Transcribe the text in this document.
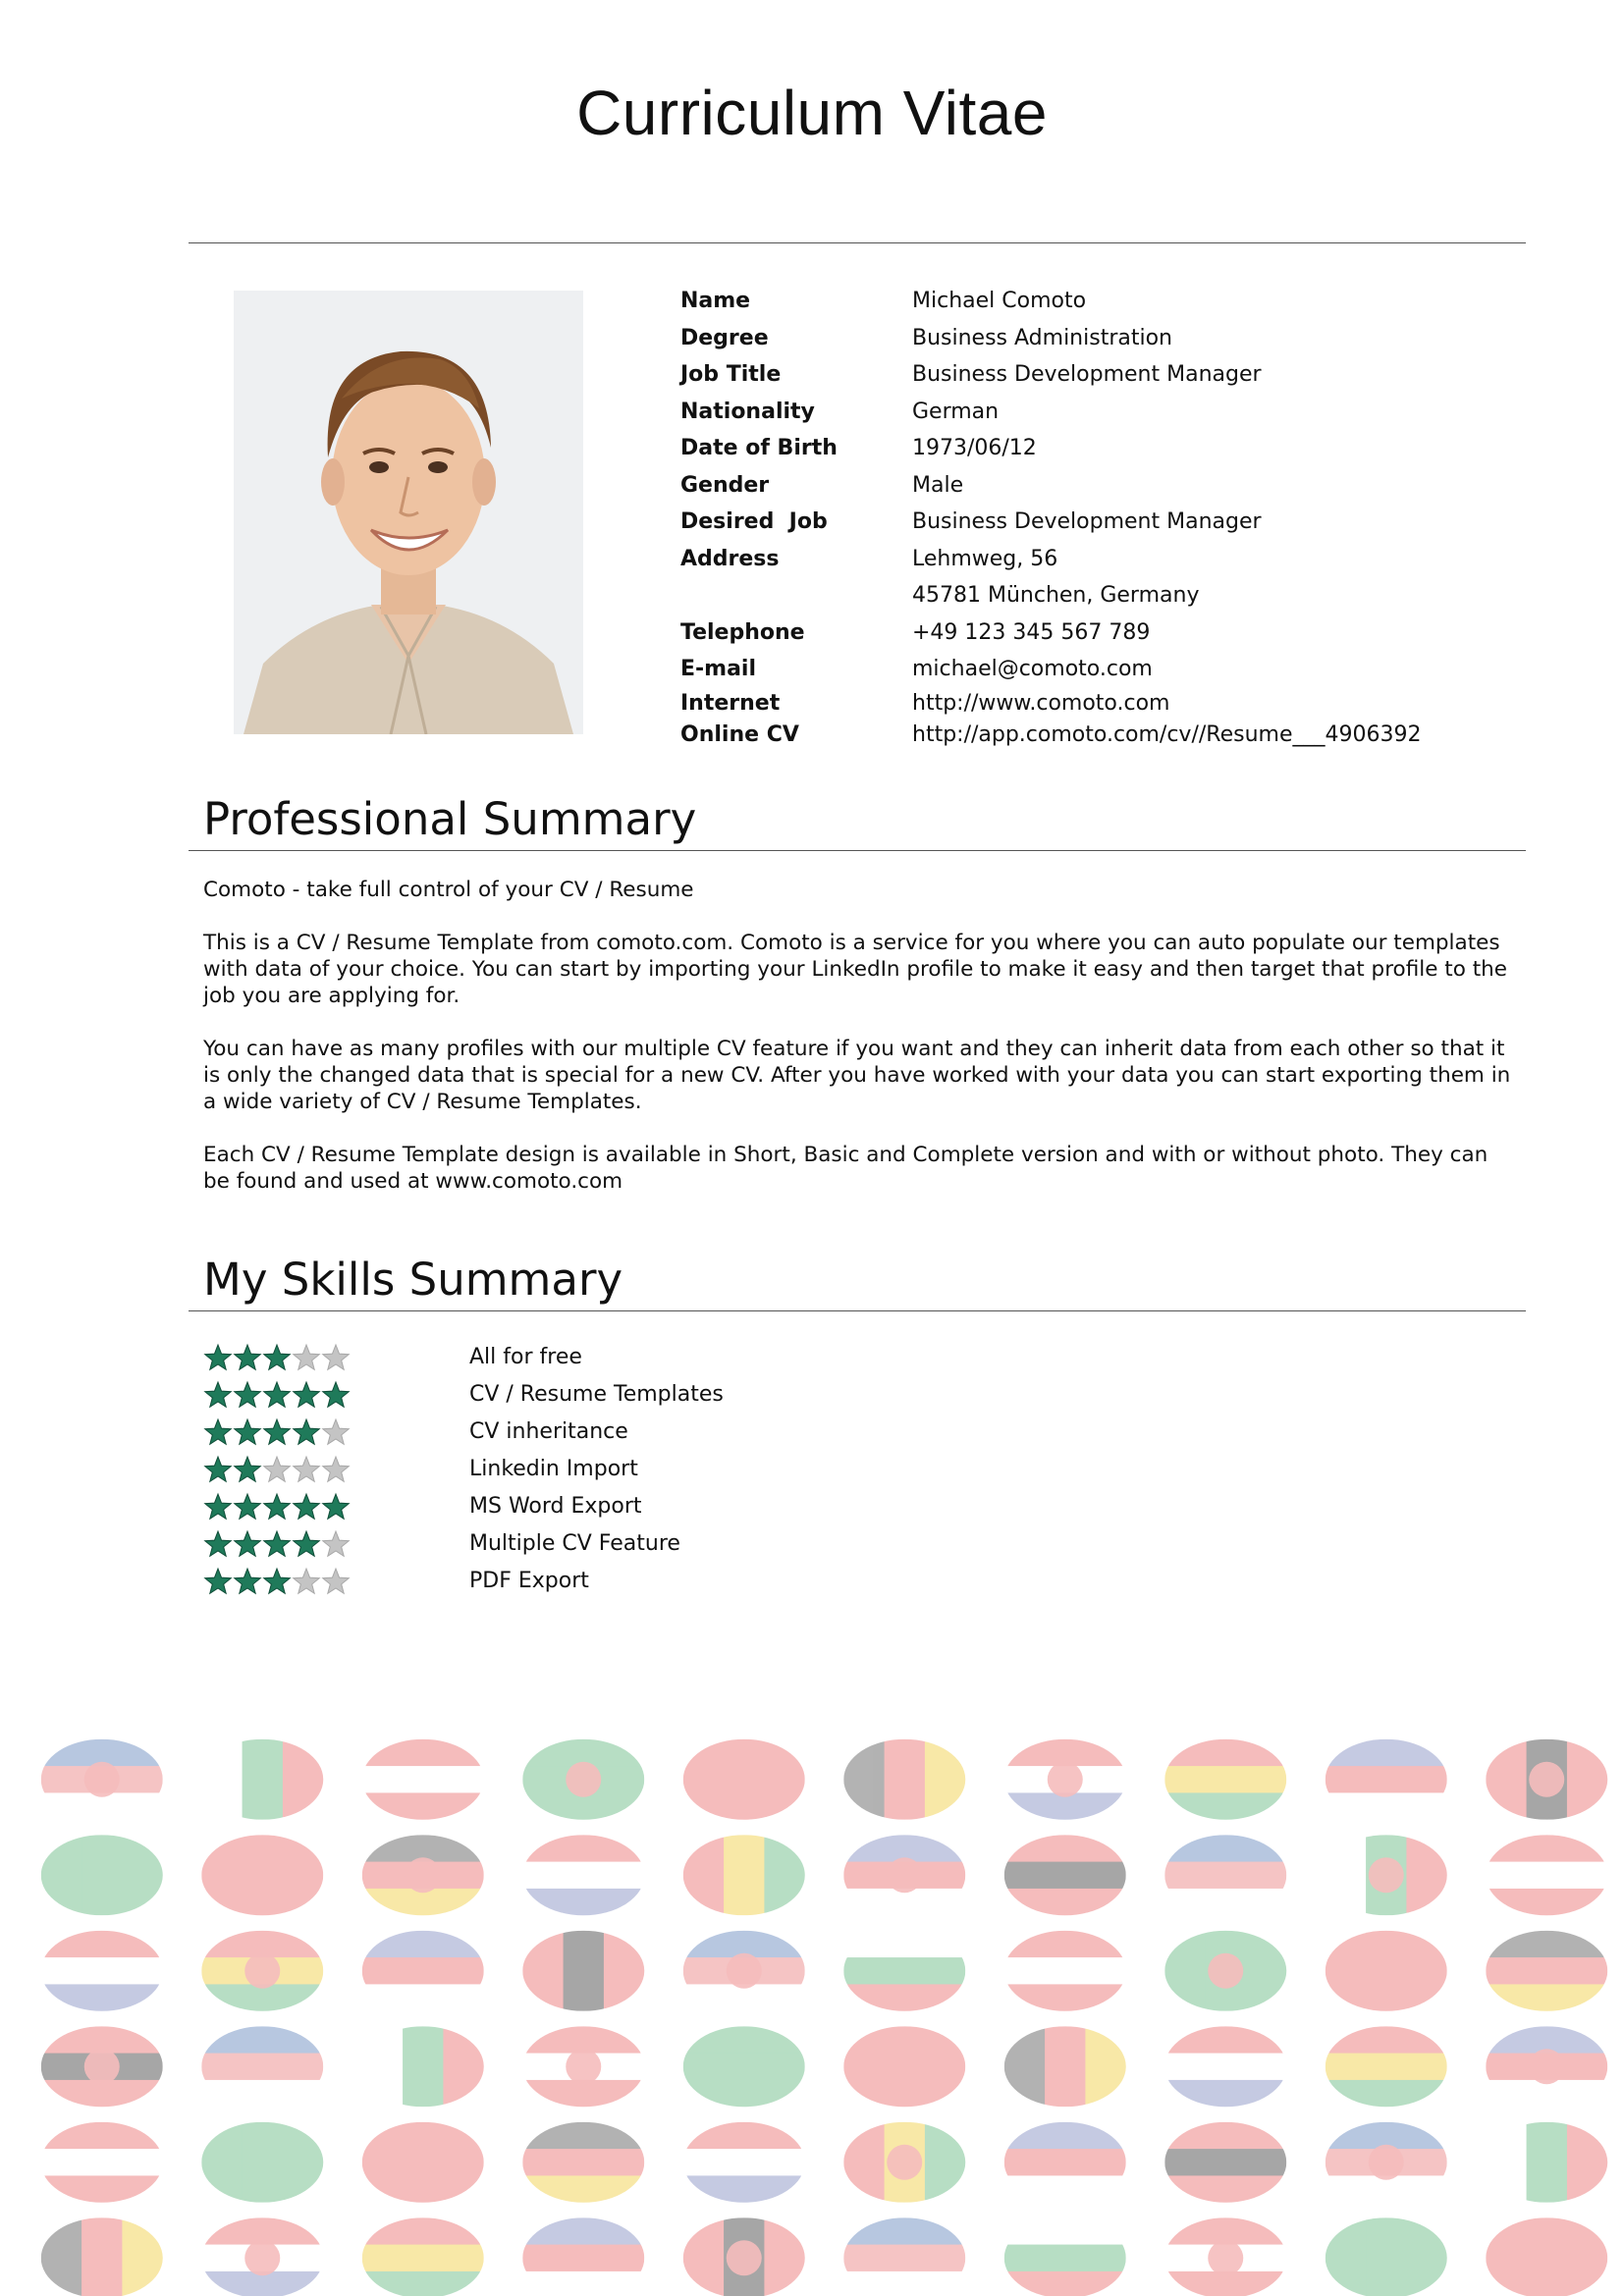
Curriculum Vitae
Name	Michael Comoto
Degree	Business Administration
Job Title	Business Development Manager
Nationality	German
Date of Birth	1973/06/12
Gender	Male
Desired  Job	Business Development Manager
Address	Lehmweg, 56
45781 München, Germany
Telephone	+49 123 345 567 789
E-mail	michael@comoto.com
Internet	http://www.comoto.com
Online CV	http://app.comoto.com/cv//Resume___4906392
Professional Summary

Comoto - take full control of your CV / Resume

This is a CV / Resume Template from comoto.com. Comoto is a service for you where you can auto populate our templates with data of your choice. You can start by importing your LinkedIn profile to make it easy and then target that profile to the job you are applying for.

You can have as many profiles with our multiple CV feature if you want and they can inherit data from each other so that it is only the changed data that is special for a new CV. After you have worked with your data you can start exporting them in a wide variety of CV / Resume Templates.

Each CV / Resume Template design is available in Short, Basic and Complete version and with or without photo. They can be found and used at www.comoto.com

My Skills Summary
All for free
CV / Resume Templates
CV inheritance
Linkedin Import
MS Word Export
Multiple CV Feature
PDF Export
